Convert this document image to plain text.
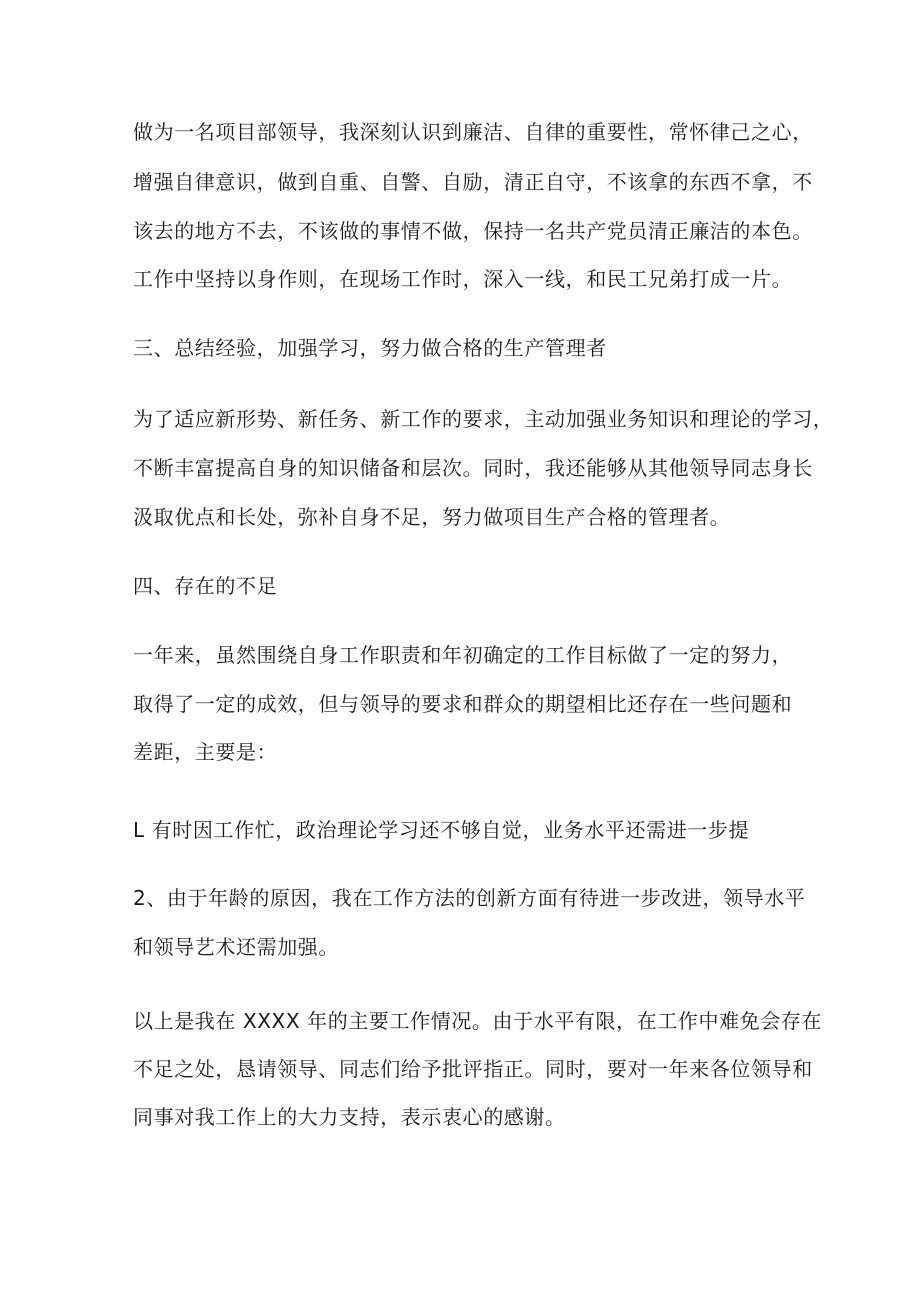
做为一名项目部领导，我深刻认识到廉洁、自律的重要性，常怀律己之心，
增强自律意识，做到自重、自警、自励，清正自守，不该拿的东西不拿，不
该去的地方不去，不该做的事情不做，保持一名共产党员清正廉洁的本色。
工作中坚持以身作则，在现场工作时，深入一线，和民工兄弟打成一片。
三、总结经验，加强学习，努力做合格的生产管理者
为了适应新形势、新任务、新工作的要求，主动加强业务知识和理论的学习，
不断丰富提高自身的知识储备和层次。同时，我还能够从其他领导同志身长
汲取优点和长处，弥补自身不足，努力做项目生产合格的管理者。
四、存在的不足
一年来，虽然围绕自身工作职责和年初确定的工作目标做了一定的努力，
取得了一定的成效，但与领导的要求和群众的期望相比还存在一些问题和
差距，主要是：
L 有时因工作忙，政治理论学习还不够自觉，业务水平还需进一步提
2、由于年龄的原因，我在工作方法的创新方面有待进一步改进，领导水平
和领导艺术还需加强。
以上是我在 XXXX 年的主要工作情况。由于水平有限，在工作中难免会存在
不足之处，恳请领导、同志们给予批评指正。同时，要对一年来各位领导和
同事对我工作上的大力支持，表示衷心的感谢。
